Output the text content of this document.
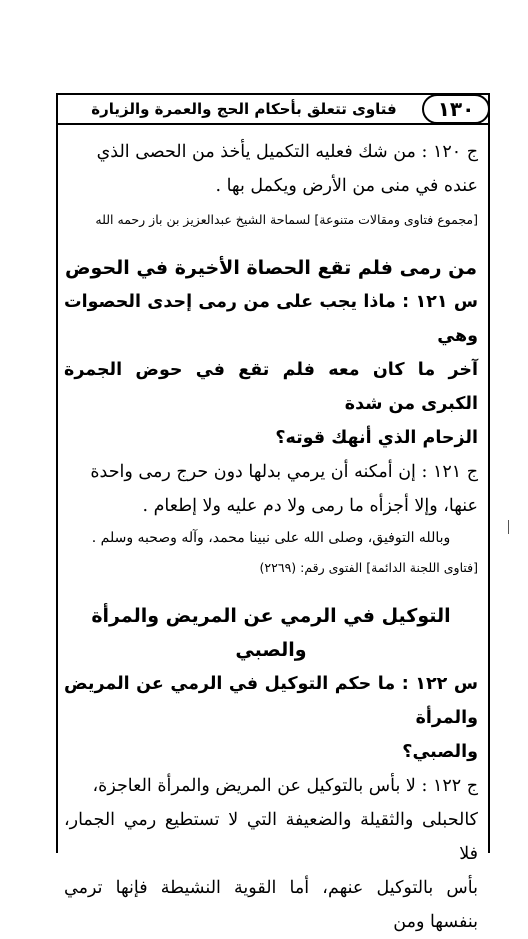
١٣٠
فتاوى تتعلق بأحكام الحج والعمرة والزيارة

ج ١٢٠ : من شك فعليه التكميل يأخذ من الحصى الذي

عنده في منى من الأرض ويكمل بها .

[مجموع فتاوى ومقالات متنوعة] لسماحة الشيخ عبدالعزيز بن باز رحمه الله

من رمى فلم تقع الحصاة الأخيرة في الحوض

س ١٢١ : ماذا يجب على من رمى إحدى الحصوات وهي

آخر ما كان معه فلم تقع في حوض الجمرة الكبرى من شدة

الزحام الذي أنهك قوته؟

ج ١٢١ : إن أمكنه أن يرمي بدلها دون حرج رمى واحدة

عنها، وإلا أجزأه ما رمى ولا دم عليه ولا إطعام .

وبالله التوفيق، وصلى الله على نبينا محمد، وآله وصحبه وسلم .

[فتاوى اللجنة الدائمة] الفتوى رقم: (٢٢٦٩)

التوكيل في الرمي عن المريض والمرأة والصبي

س ١٢٢ : ما حكم التوكيل في الرمي عن المريض والمرأة

والصبي؟

ج ١٢٢ : لا بأس بالتوكيل عن المريض والمرأة العاجزة،

كالحبلى والثقيلة والضعيفة التي لا تستطيع رمي الجمار، فلا

بأس بالتوكيل عنهم، أما القوية النشيطة فإنها ترمي بنفسها ومن
